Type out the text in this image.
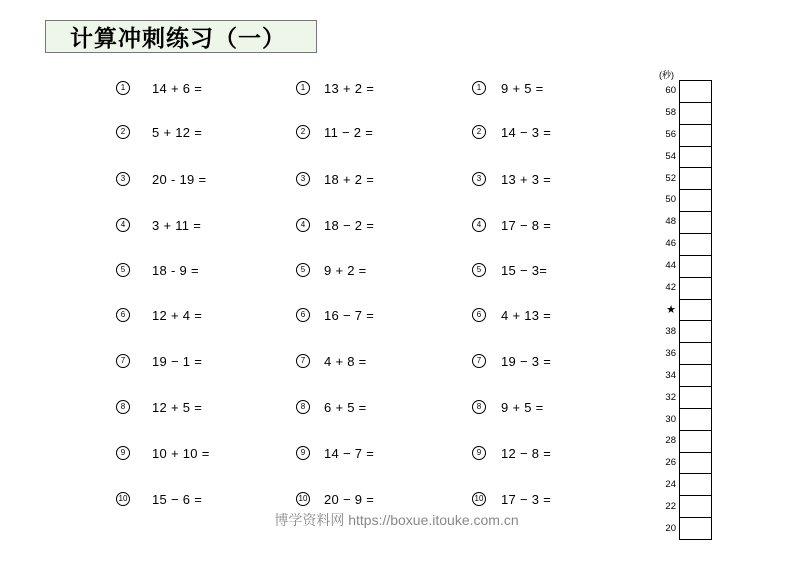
计算冲刺练习（一）
1	14 + 6 =
2	5 + 12 =
3	20 - 19 =
4	3 + 11 =
5	18 - 9 =
6	12 + 4 =
7	19 − 1 =
8	12 + 5 =
9	10 + 10 =
10 15 − 6 =
1	13 + 2 =
2	11 − 2 =
3	18 + 2 =
4	18 − 2 =
5	9 + 2 =
6	16 − 7 =
7	4 + 8 =
8	6 + 5 =
9	14 − 7 =
10 20 − 9 =
1	9 + 5 =
2	14 − 3 =
3	13 + 3 =
4	17 − 8 =
5	15 − 3=
6	4 + 13 =
7	19 − 3 =
8	9 + 5 =
9	12 − 8 =
10 17 − 3 =
(秒)
60
58
56
54
52
50
48
46
44
42
★
38
36
34
32
30
28
26
24
22
20
博学资料网 https://boxue.itouke.com.cn
